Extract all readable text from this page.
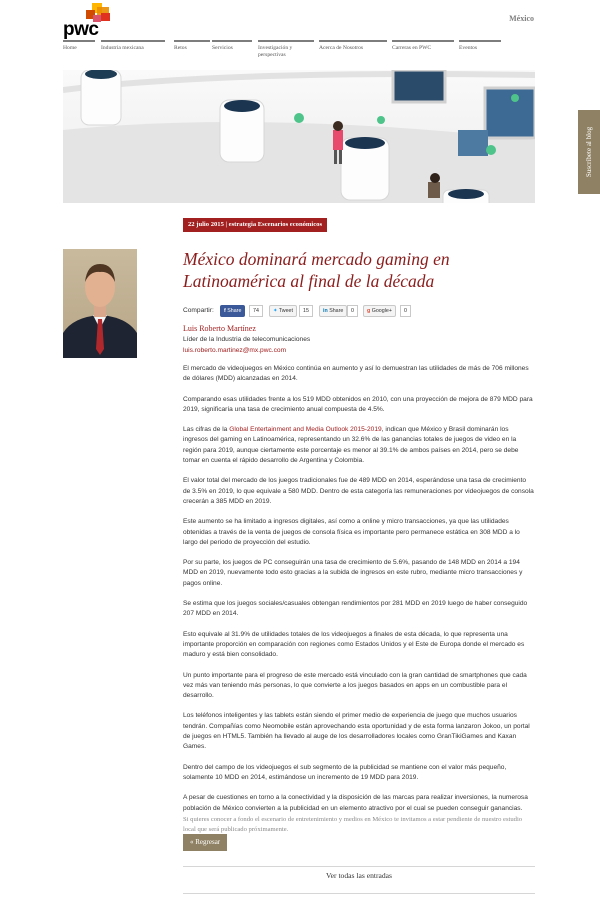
pwc
México
Home	Industria mexicana	Retos	Servicios	Investigación y perspectivas
Acerca de Nosotros	Carreras en PWC	Eventos
Suscríbete al blog
22 julio 2015 | estrategia Escenarios económicos
México dominará mercado gaming en Latinoamérica al final de la década
Compartir:	f Share	74	✦ Tweet	15	in Share	0	g Google+	0
Luis Roberto Martínez
Líder de la Industria de telecomunicaciones
luis.roberto.martinez@mx.pwc.com

El mercado de videojuegos en México continúa en aumento y así lo demuestran las utilidades de más de 706 millones de dólares (MDD) alcanzadas en 2014.

Comparando esas utilidades frente a los 519 MDD obtenidos en 2010, con una proyección de mejora de 879 MDD para 2019, significaría una tasa de crecimiento anual compuesta de 4.5%.

Las cifras de la Global Entertainment and Media Outlook 2015-2019, indican que México y Brasil dominarán los ingresos del gaming en Latinoamérica, representando un 32.6% de las ganancias totales de juegos de video en la región para 2019, aunque ciertamente este porcentaje es menor al 39.1% de ambos países en 2014, pero se debe tomar en cuenta el rápido desarrollo de Argentina y Colombia.

El valor total del mercado de los juegos tradicionales fue de 489 MDD en 2014, esperándose una tasa de crecimiento de 3.5% en 2019, lo que equivale a 580 MDD. Dentro de esta categoría las remuneraciones por videojuegos de consola crecerán a 385 MDD en 2019.

Este aumento se ha limitado a ingresos digitales, así como a online y micro transacciones, ya que las utilidades obtenidas a través de la venta de juegos de consola física es importante pero permanece estática en 308 MDD a lo largo del periodo de proyección del estudio.

Por su parte, los juegos de PC conseguirán una tasa de crecimiento de 5.6%, pasando de 148 MDD en 2014 a 194 MDD en 2019, nuevamente todo esto gracias a la subida de ingresos en este rubro, mediante micro transacciones y pagos online.

Se estima que los juegos sociales/casuales obtengan rendimientos por 281 MDD en 2019 luego de haber conseguido 207 MDD en 2014.

Esto equivale al 31.9% de utilidades totales de los videojuegos a finales de esta década, lo que representa una importante proporción en comparación con regiones como Estados Unidos y el Este de Europa donde el mercado es maduro y está bien consolidado.

Un punto importante para el progreso de este mercado está vinculado con la gran cantidad de smartphones que cada vez más van teniendo más personas, lo que convierte a los juegos basados en apps en un combustible para el desarrollo.

Los teléfonos inteligentes y las tablets están siendo el primer medio de experiencia de juego que muchos usuarios tendrán. Compañías como Neomobile están aprovechando esta oportunidad y de esta forma lanzaron Jokoo, un portal de juegos en HTML5. También ha llevado al auge de los desarrolladores locales como GranTikiGames and Kaxan Games.

Dentro del campo de los videojuegos el sub segmento de la publicidad se mantiene con el valor más pequeño, solamente 10 MDD en 2014, estimándose un incremento de 19 MDD para 2019.

A pesar de cuestiones en torno a la conectividad y la disposición de las marcas para realizar inversiones, la numerosa población de México convierten a la publicidad en un elemento atractivo por el cual se pueden conseguir ganancias.

Si quieres conocer a fondo el escenario de entretenimiento y medios en México te invitamos a estar pendiente de nuestro estudio local que será publicado próximamente.
« Regresar
Ver todas las entradas
